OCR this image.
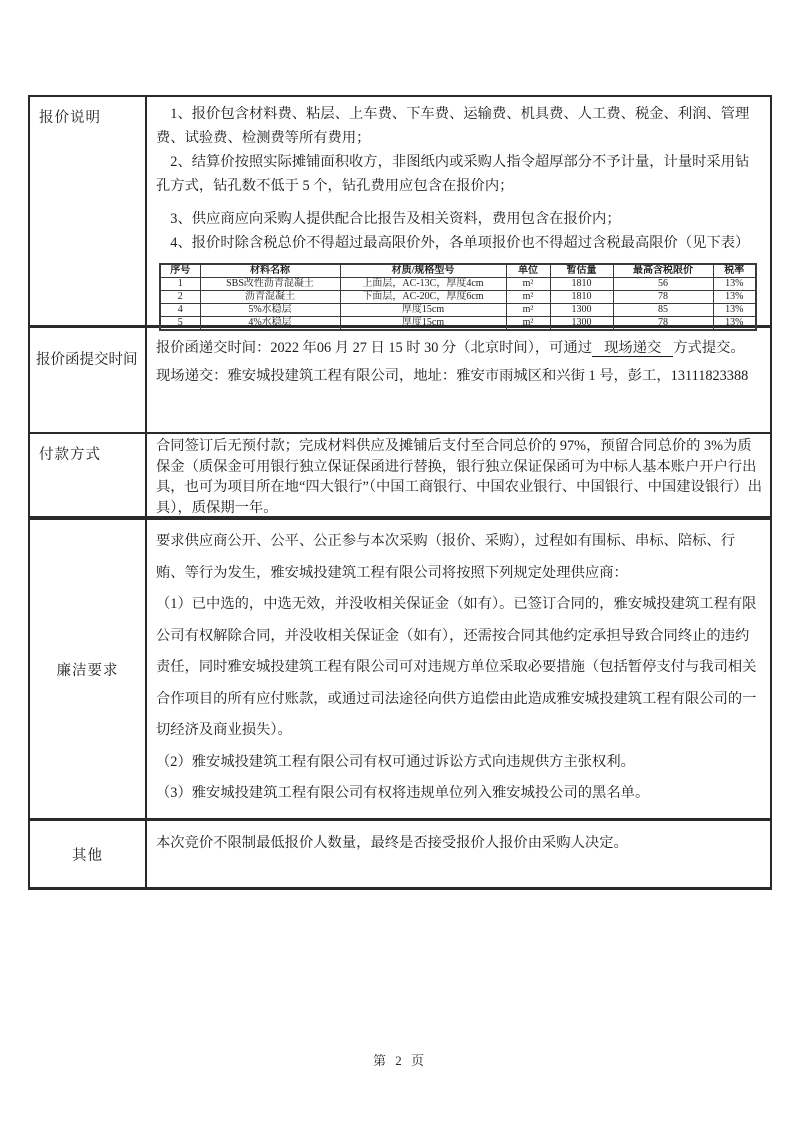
报价说明	1、报价包含材料费、粘层、上车费、下车费、运输费、机具费、人工费、税金、利润、管理费、试验费、检测费等所有费用；

2、结算价按照实际摊铺面积收方，非图纸内或采购人指令超厚部分不予计量，计量时采用钻孔方式，钻孔数不低于 5 个，钻孔费用应包含在报价内；

3、供应商应向采购人提供配合比报告及相关资料，费用包含在报价内；

4、报价时除含税总价不得超过最高限价外，各单项报价也不得超过含税最高限价（见下表）

序号	材料名称	材质/规格型号	单位	暂估量	最高含税限价	税率
1	SBS改性沥青混凝土	上面层，AC-13C，厚度4cm	m²	1810	56	13%
2	沥青混凝土	下面层，AC-20C，厚度6cm	m²	1810	78	13%
4	5%水稳层	厚度15cm	m²	1300	85	13%
5	4%水稳层	厚度15cm	m²	1300	78	13%
报价函提交时间
报价函递交时间：2022 年06 月 27 日 15 时 30 分（北京时间），可通过 现场递交 方式提交。
现场递交：雅安城投建筑工程有限公司，地址：雅安市雨城区和兴街 1 号，彭工，13111823388
付款方式
合同签订后无预付款；完成材料供应及摊铺后支付至合同总价的 97%，预留合同总价的 3%为质保金（质保金可用银行独立保证保函进行替换，银行独立保证保函可为中标人基本账户开户行出具，也可为项目所在地“四大银行”（中国工商银行、中国农业银行、中国银行、中国建设银行）出具），质保期一年。
廉洁要求

要求供应商公开、公平、公正参与本次采购（报价、采购），过程如有围标、串标、陪标、行贿、等行为发生，雅安城投建筑工程有限公司将按照下列规定处理供应商：

（1）已中选的，中选无效，并没收相关保证金（如有）。已签订合同的，雅安城投建筑工程有限公司有权解除合同，并没收相关保证金（如有），还需按合同其他约定承担导致合同终止的违约责任，同时雅安城投建筑工程有限公司可对违规方单位采取必要措施（包括暂停支付与我司相关合作项目的所有应付账款，或通过司法途径向供方追偿由此造成雅安城投建筑工程有限公司的一切经济及商业损失）。

（2）雅安城投建筑工程有限公司有权可通过诉讼方式向违规供方主张权利。

（3）雅安城投建筑工程有限公司有权将违规单位列入雅安城投公司的黑名单。

其他
本次竞价不限制最低报价人数量，最终是否接受报价人报价由采购人决定。
第 2 页
